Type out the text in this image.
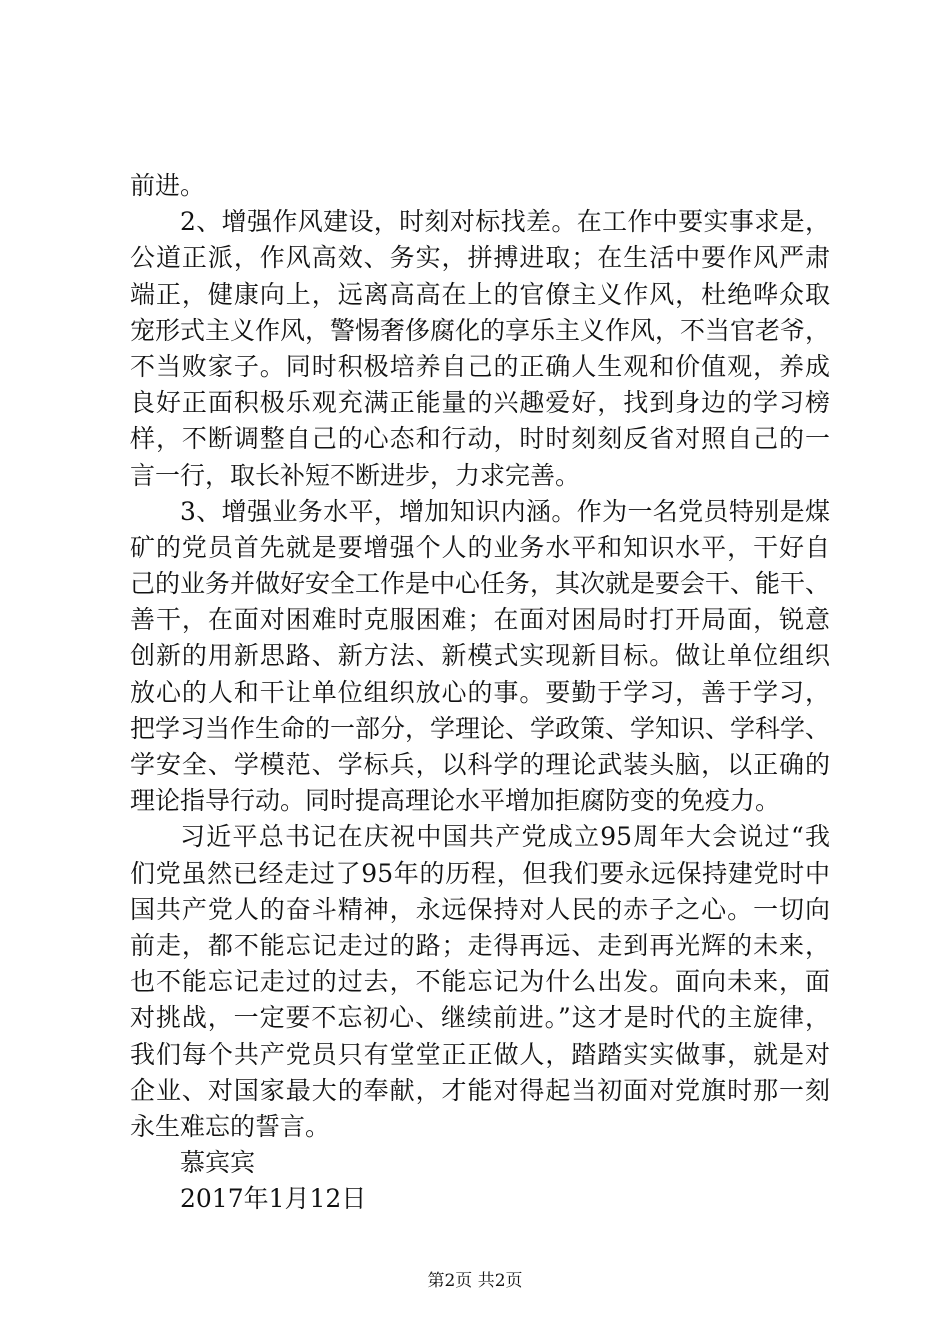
前进。
2、增强作风建设，时刻对标找差。在工作中要实事求是，
公道正派，作风高效、务实，拼搏进取；在生活中要作风严肃
端正，健康向上，远离高高在上的官僚主义作风，杜绝哗众取
宠形式主义作风，警惕奢侈腐化的享乐主义作风，不当官老爷，
不当败家子。同时积极培养自己的正确人生观和价值观，养成
良好正面积极乐观充满正能量的兴趣爱好，找到身边的学习榜
样，不断调整自己的心态和行动，时时刻刻反省对照自己的一
言一行，取长补短不断进步，力求完善。
3、增强业务水平，增加知识内涵。作为一名党员特别是煤
矿的党员首先就是要增强个人的业务水平和知识水平，干好自
己的业务并做好安全工作是中心任务，其次就是要会干、能干、
善干，在面对困难时克服困难；在面对困局时打开局面，锐意
创新的用新思路、新方法、新模式实现新目标。做让单位组织
放心的人和干让单位组织放心的事。要勤于学习，善于学习，
把学习当作生命的一部分，学理论、学政策、学知识、学科学、
学安全、学模范、学标兵，以科学的理论武装头脑，以正确的
理论指导行动。同时提高理论水平增加拒腐防变的免疫力。
习近平总书记在庆祝中国共产党成立95周年大会说过“我
们党虽然已经走过了95年的历程，但我们要永远保持建党时中
国共产党人的奋斗精神，永远保持对人民的赤子之心。一切向
前走，都不能忘记走过的路；走得再远、走到再光辉的未来，
也不能忘记走过的过去，不能忘记为什么出发。面向未来，面
对挑战，一定要不忘初心、继续前进。”这才是时代的主旋律，
我们每个共产党员只有堂堂正正做人，踏踏实实做事，就是对
企业、对国家最大的奉献，才能对得起当初面对党旗时那一刻
永生难忘的誓言。
慕宾宾
2017年1月12日
第2页 共2页
